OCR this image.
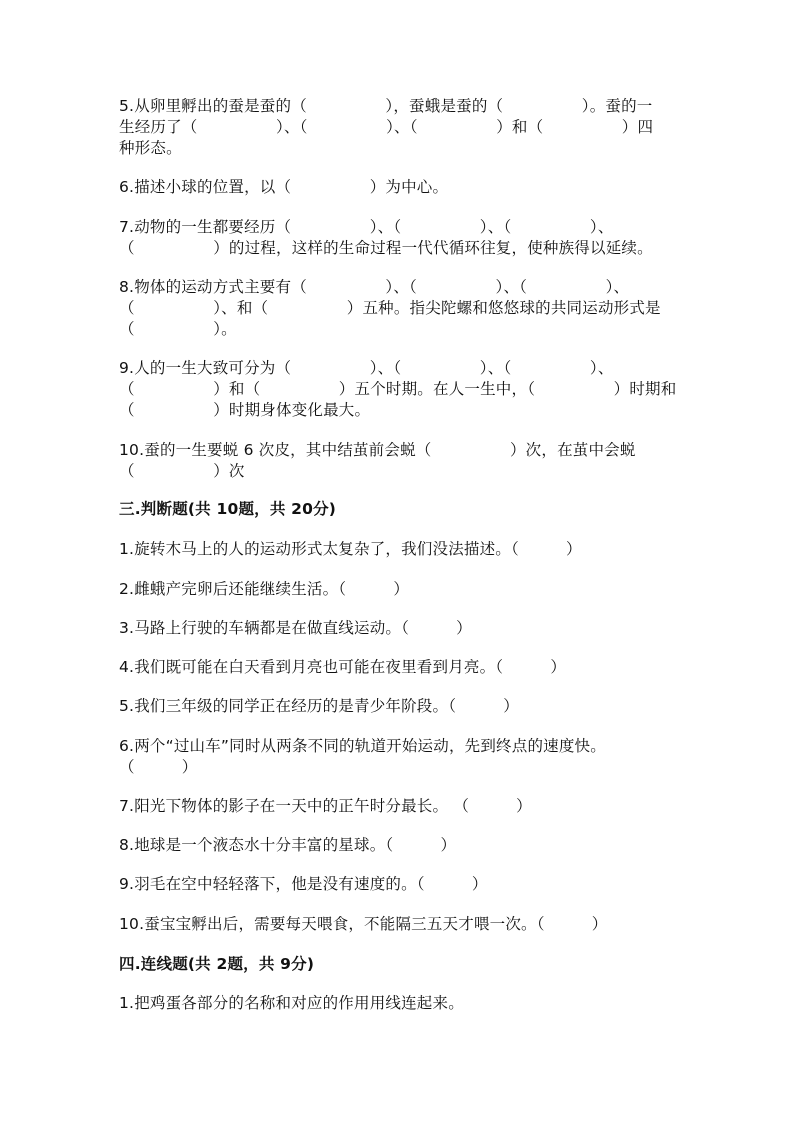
5.从卵里孵出的蚕是蚕的（　　　　　），蚕蛾是蚕的（　　　　　）。蚕的一
生经历了（　　　　　）、（　　　　　）、（　　　　　）和（　　　　　）四
种形态。
6.描述小球的位置，以（　　　　　）为中心。
7.动物的一生都要经历（　　　　　）、（　　　　　）、（　　　　　）、
（　　　　　）的过程，这样的生命过程一代代循环往复，使种族得以延续。
8.物体的运动方式主要有（　　　　　）、（　　　　　）、（　　　　　）、
（　　　　　）、和（　　　　　）五种。指尖陀螺和悠悠球的共同运动形式是
（　　　　　）。
9.人的一生大致可分为（　　　　　）、（　　　　　）、（　　　　　）、
（　　　　　）和（　　　　　）五个时期。在人一生中，（　　　　　）时期和
（　　　　　）时期身体变化最大。
10.蚕的一生要蜕 6 次皮，其中结茧前会蜕（　　　　　）次，在茧中会蜕
（　　　　　）次
三.判断题(共 10题，共 20分)
1.旋转木马上的人的运动形式太复杂了，我们没法描述。（　　　）
2.雌蛾产完卵后还能继续生活。（　　　）
3.马路上行驶的车辆都是在做直线运动。（　　　）
4.我们既可能在白天看到月亮也可能在夜里看到月亮。（　　　）
5.我们三年级的同学正在经历的是青少年阶段。（　　　）
6.两个“过山车”同时从两条不同的轨道开始运动，先到终点的速度快。
（　　　）
7.阳光下物体的影子在一天中的正午时分最长。 （　　　）
8.地球是一个液态水十分丰富的星球。（　　　）
9.羽毛在空中轻轻落下，他是没有速度的。（　　　）
10.蚕宝宝孵出后，需要每天喂食，不能隔三五天才喂一次。（　　　）
四.连线题(共 2题，共 9分)
1.把鸡蛋各部分的名称和对应的作用用线连起来。
